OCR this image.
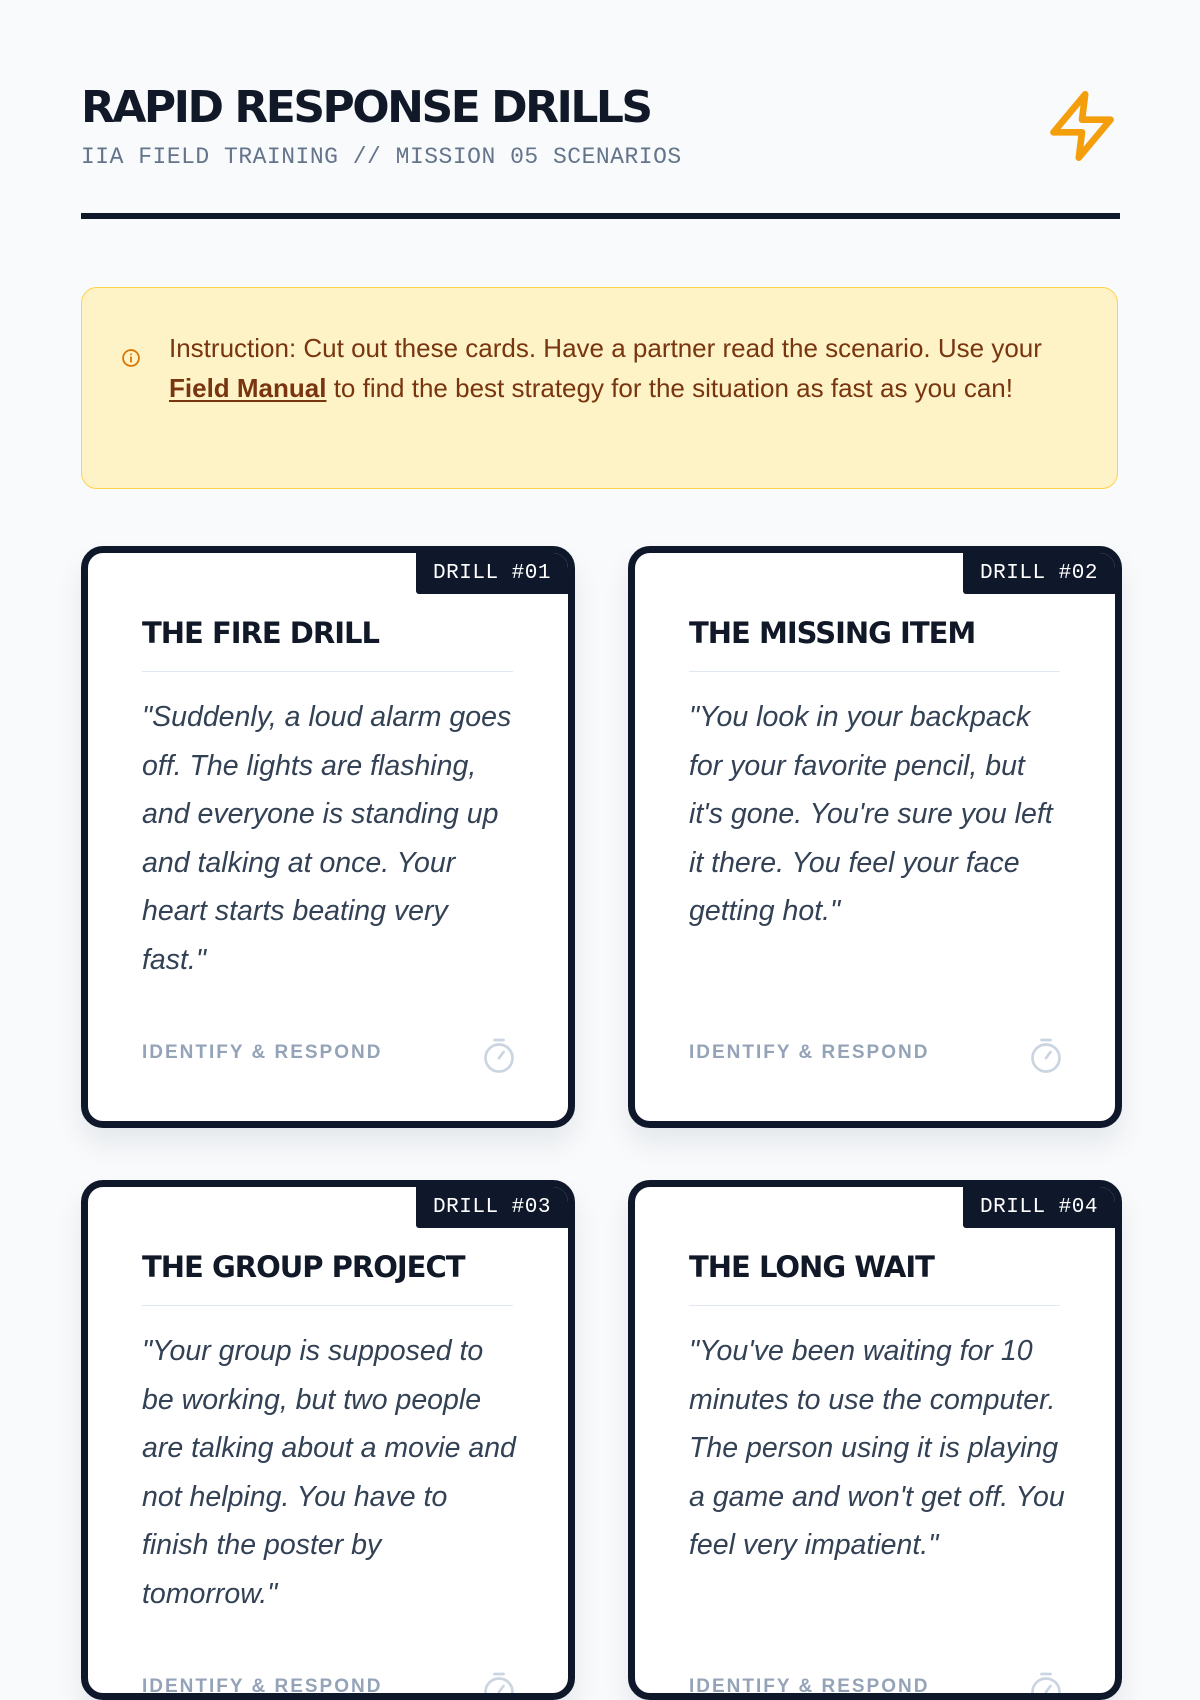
RAPID RESPONSE DRILLS
IIA FIELD TRAINING // MISSION 05 SCENARIOS
Instruction: Cut out these cards. Have a partner read the scenario. Use your Field Manual to find the best strategy for the situation as fast as you can!
DRILL #01
THE FIRE DRILL

"Suddenly, a loud alarm goes off. The lights are flashing, and everyone is standing up and talking at once. Your heart starts beating very fast."

IDENTIFY & RESPOND
DRILL #02
THE MISSING ITEM

"You look in your backpack for your favorite pencil, but it's gone. You're sure you left it there. You feel your face getting hot."

IDENTIFY & RESPOND
DRILL #03
THE GROUP PROJECT

"Your group is supposed to be working, but two people are talking about a movie and not helping. You have to finish the poster by tomorrow."

IDENTIFY & RESPOND
DRILL #04
THE LONG WAIT

"You've been waiting for 10 minutes to use the computer. The person using it is playing a game and won't get off. You feel very impatient."

IDENTIFY & RESPOND
